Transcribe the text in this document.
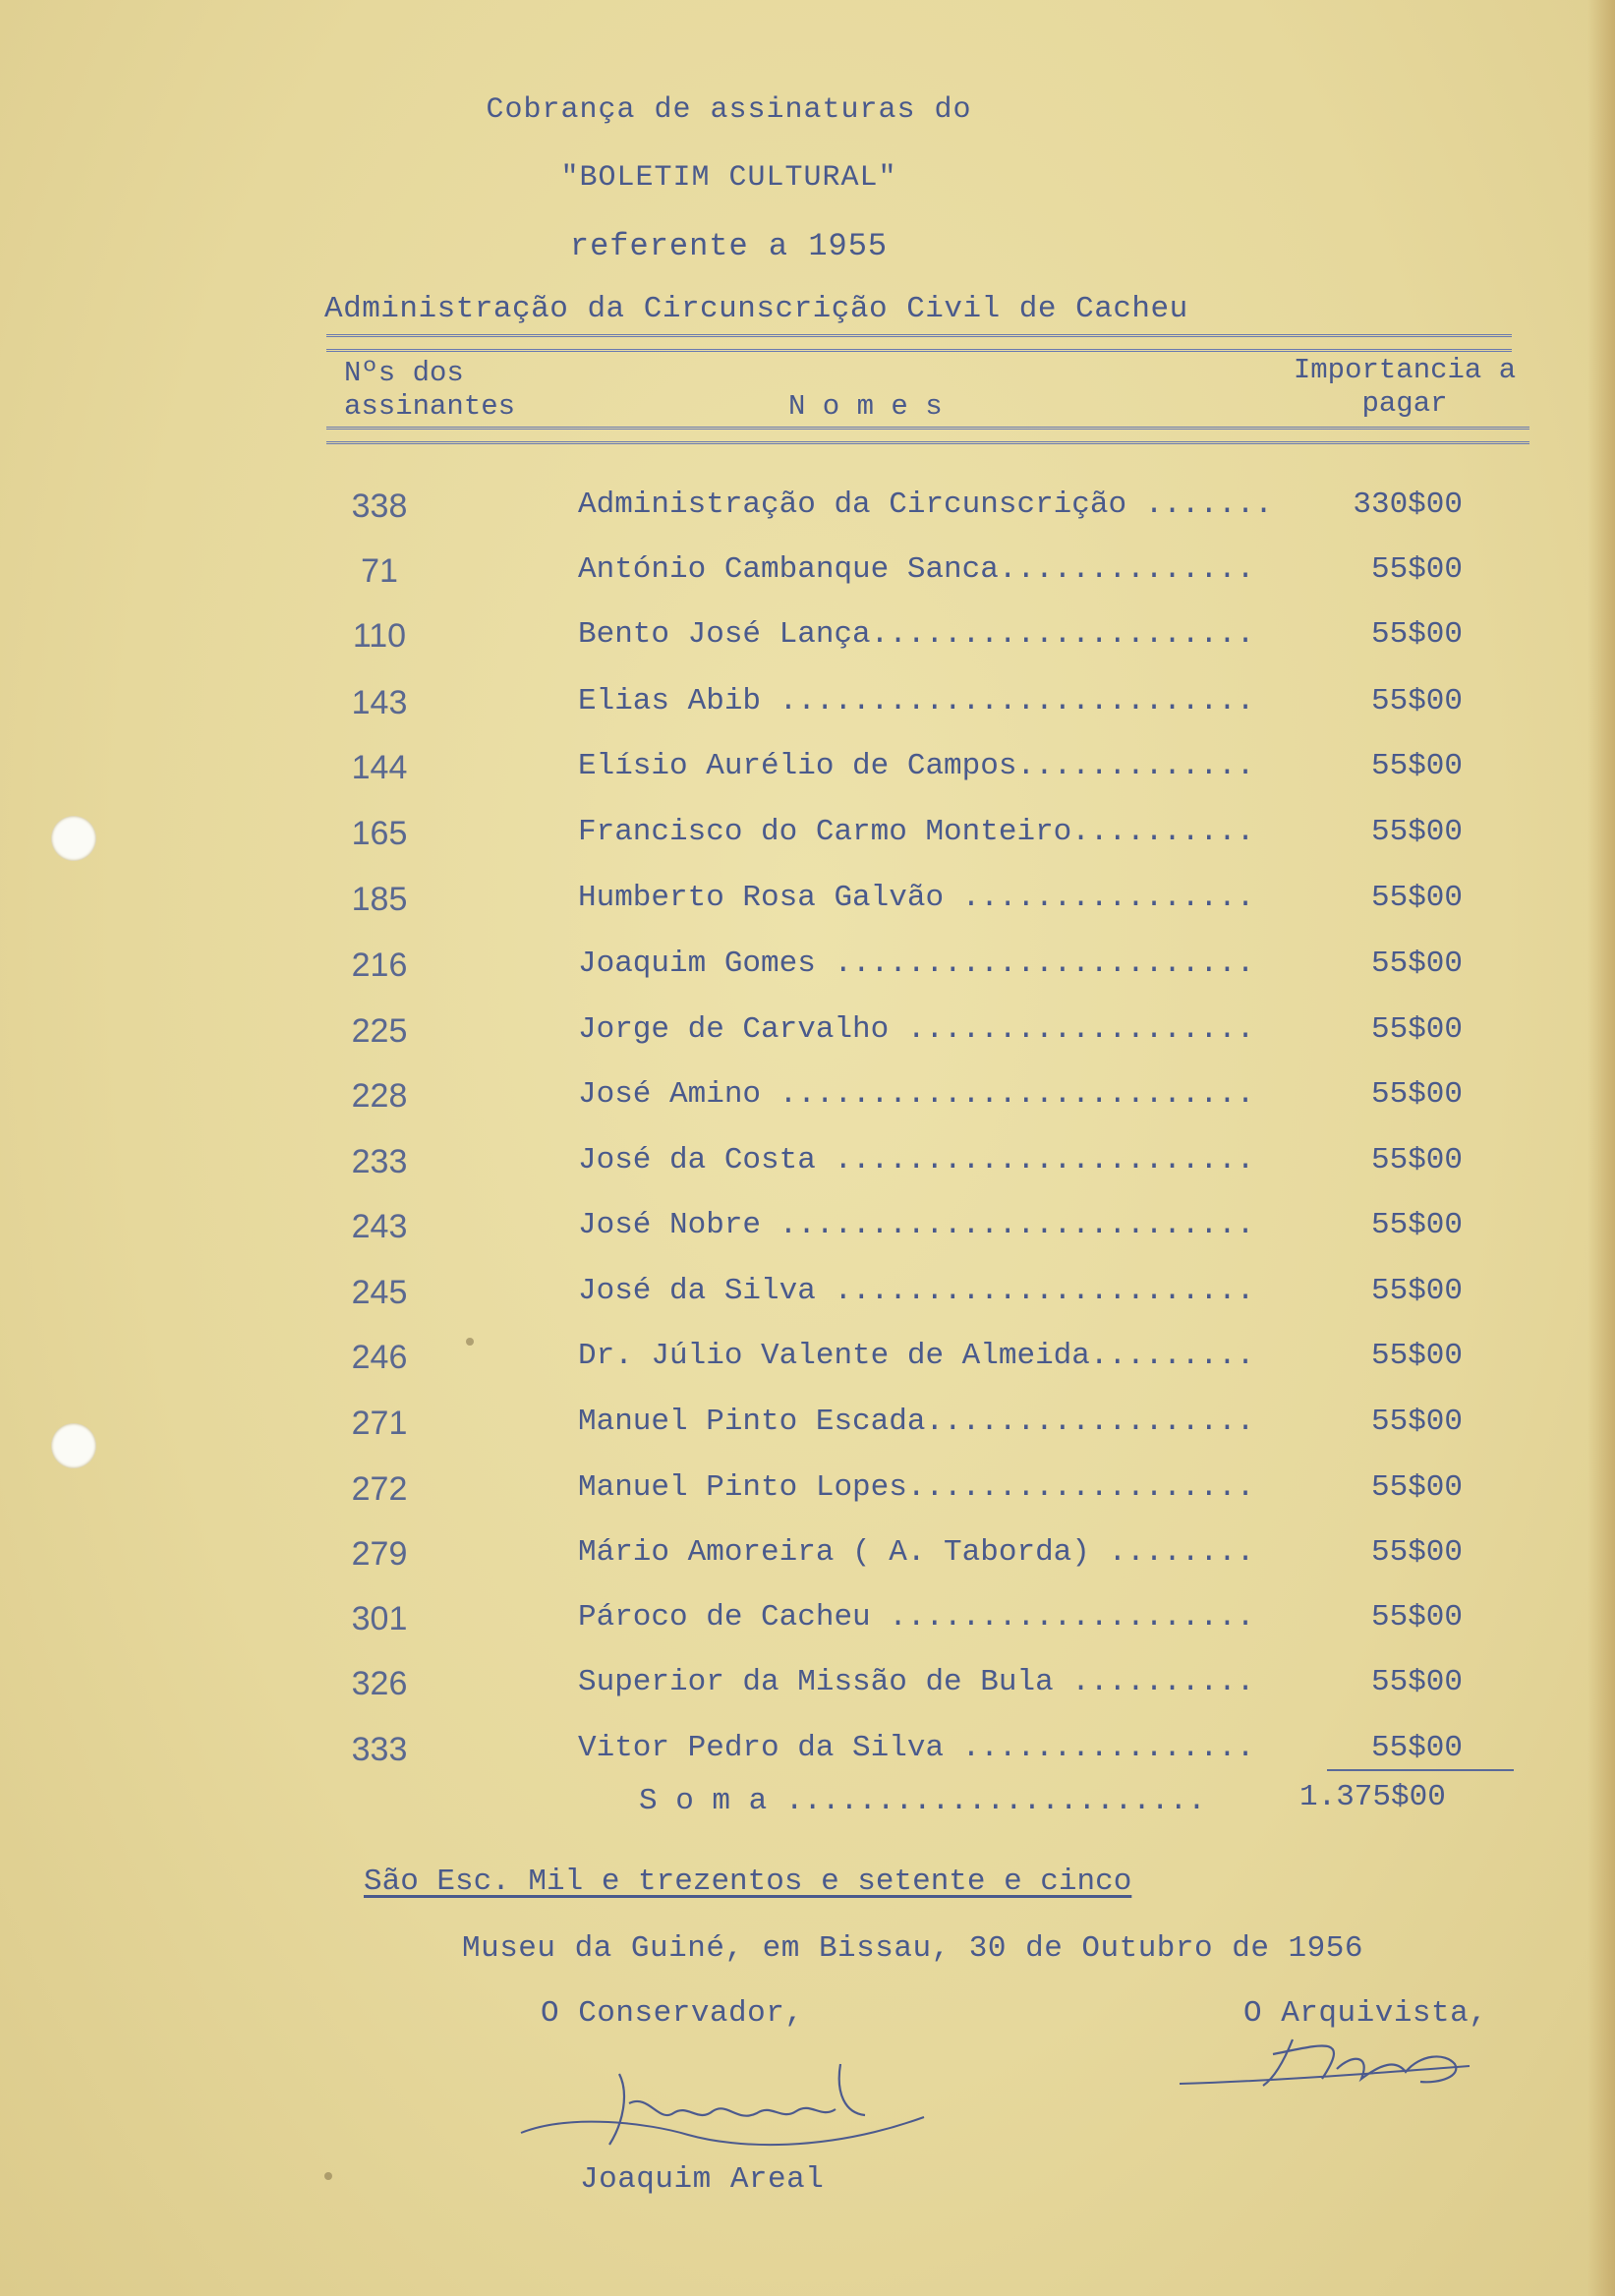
Cobrança de assinaturas do
"BOLETIM CULTURAL"
referente a 1955
Administração da Circunscrição Civil de Cacheu
Nºs dos
assinantes	N o m e s
Importancia a
pagar
338	Administração da Circunscrição .......	330$00
71	António Cambanque Sanca..............	55$00
110	Bento José Lança.....................	55$00
143	Elias Abib ..........................	55$00
144	Elísio Aurélio de Campos.............	55$00
165	Francisco do Carmo Monteiro..........	55$00
185	Humberto Rosa Galvão ................	55$00
216	Joaquim Gomes .......................	55$00
225	Jorge de Carvalho ...................	55$00
228	José Amino ..........................	55$00
233	José da Costa .......................	55$00
243	José Nobre ..........................	55$00
245	José da Silva .......................	55$00
246	Dr. Júlio Valente de Almeida.........	55$00
271	Manuel Pinto Escada..................	55$00
272	Manuel Pinto Lopes...................	55$00
279	Mário Amoreira ( A. Taborda) ........	55$00
301	Pároco de Cacheu ....................	55$00
326	Superior da Missão de Bula ..........	55$00
333	Vitor Pedro da Silva ................	55$00
S o m a .......................	1.375$00
São Esc. Mil e trezentos e setente e cinco
Museu da Guiné, em Bissau, 30 de Outubro de 1956
O Conservador,	O Arquivista,
Joaquim Areal
